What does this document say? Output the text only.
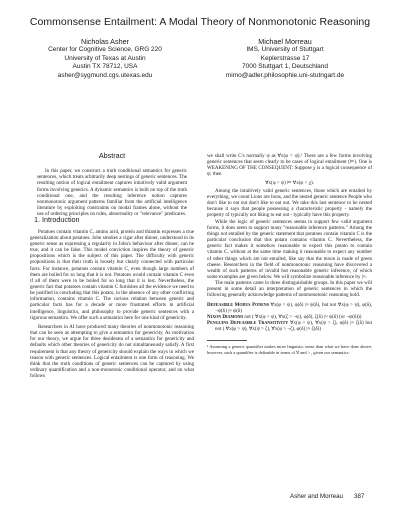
Commonsense Entailment: A Modal Theory of Nonmonotonic Reasoning
Nicholas Asher
Center for Cognitive Science, GRG 220
University of Texas at Austin
Austin TX 78712, USA
asher@sygmund.cgs.utexas.edu
Michael Morreau
IMS, University of Stuttgart
Keplerstrasse 17
7000 Stuttgart 1, Deutschland
mimo@adler.philosophie.uni-stutngart.de
Abstract

In this paper, we construct a truth conditional semantics for generic sentences, which treats arbitrarily deep nestings of generic sentences. The resulting notion of logical entailment captures intuitively valid argument forms involving generics. A dynamic semantics is built on top of the truth conditional one, and the resulting inference notion captures nonmonotonic argument patterns familiar from the artificial intelligence literature by exploiting constraints on modal frames alone, without the use of ordering principles on rules, abnormality or "relevance" predicates.

1. Introduction

Potatoes contain vitamin C, amino acid, protein and thiamin expresses a true generalization about potatoes. John smokes a cigar after dinner, understood in its generic sense as expressing a regularity in John's behaviour after dinner, can be true, and it can be false. This model conviction inspires the theory of generic propositions which is the subject of this paper. The difficulty with generic propositions is that their truth is loosely but clearly connected with particular facts. For instance, potatoes contain vitamin C, even though large numbers of them are boiled for so long that it is not. Potatoes would contain vitamin C even if all of them were to be boiled for so long that it is lost. Nevertheless, the generic fact that potatoes contain vitamin C furnishes all the evidence we need to be justified in concluding that this potato, in the absence of any other conflicting information, contains vitamin C. The curious relation between generic and particular facts has for a decade or more frustrated efforts in artificial intelligence, linguistics, and philosophy to provide generic sentences with a rigorous semantics. We offer such a semantics here for one kind of genericity.

Researchers in AI have produced many theories of nonmonotonic reasoning that can be seen as attempting to give a semantics for genericity. As motivation for our theory, we argue for three desiderata of a semantics for genericity and defaults which other theories of genericity do not simultaneously satisfy. A first requirement is that any theory of genericity should explain the ways in which we reason with generic sentences. Logical entailment is one form of reasoning. We think that the truth conditions of generic sentences can be captured by using ordinary quantification and a non-monotonic conditional operator, and on what follows

we shall write C's normally ψ as ∀x(φ > ψ).¹ There are a few forms involving generic sentences that seem clearly to be cases of logical entailment (⊨). One is WEAKENING OF THE CONSEQUENT: Suppose χ is a logical consequence of ψ; then

∀x(φ > ψ) ⊨ ∀x(φ > χ).

Among the intuitively valid generic sentences, those which are entailed by everything, we count Lions are lions, and the nested generic sentence People who don't like to eat out don't like to eat out. We take this last sentence to be nested because it says that people possessing a characteristic property - namely the property of typically not liking to eat out - typically have this property.

While the logic of generic sentences seems to support few valid argument forms, it does seem to support many "reasonable inference patterns." Among the things not entailed by the generic statement that potatoes contain vitamin C is the particular conclusion that this potato contains vitamin C. Nevertheless, the generic fact makes it somehow reasonable to expect this potato to contain vitamin C, without at the same time making it reasonable to expect any number of other things which are not entailed, like say that the moon is made of green cheese. Researchers in the field of nonmonotonic reasoning have discovered a wealth of such patterns of invalid but reasonable generic inference, of which some examples are given below. We will symbolize reasonable inference by |≈.

The main patterns came in three distinguishable groups. In this paper we will present in some detail an interpretation of generic sentences in which the following generally acknowledge patterns of nonmonotonic reasoning hold.

Defeasible Modus Ponens ∀x(φ > ψ), φ(δ) |≈ ψ(δ), but not ∀x(φ > ψ), φ(δ), ¬ψ(δ) |≈ ψ(δ)

Nixon Diamond not ( ∀x(φ > ψ), ∀x(ζ > ¬ψ), φ(δ), ζ(δ) |≈ ψ(δ) (or ¬ψ(δ)))

Penguins Defeasible Transitivity ∀x(φ > ψ), ∀x(ψ > ζ), φ(δ) |≈ ζ(δ) but not ( ∀x(φ > ψ), ∀x(ψ > ζ), ∀x(φ > ¬ζ), φ(δ) |≈ ζ(δ))

¹ Assuming a generic quantifier makes more linguistic sense than what we have done above; however, such a quantifier is definable in terms of ∀ and > , given our semantics.

Asher and Morreau 387
